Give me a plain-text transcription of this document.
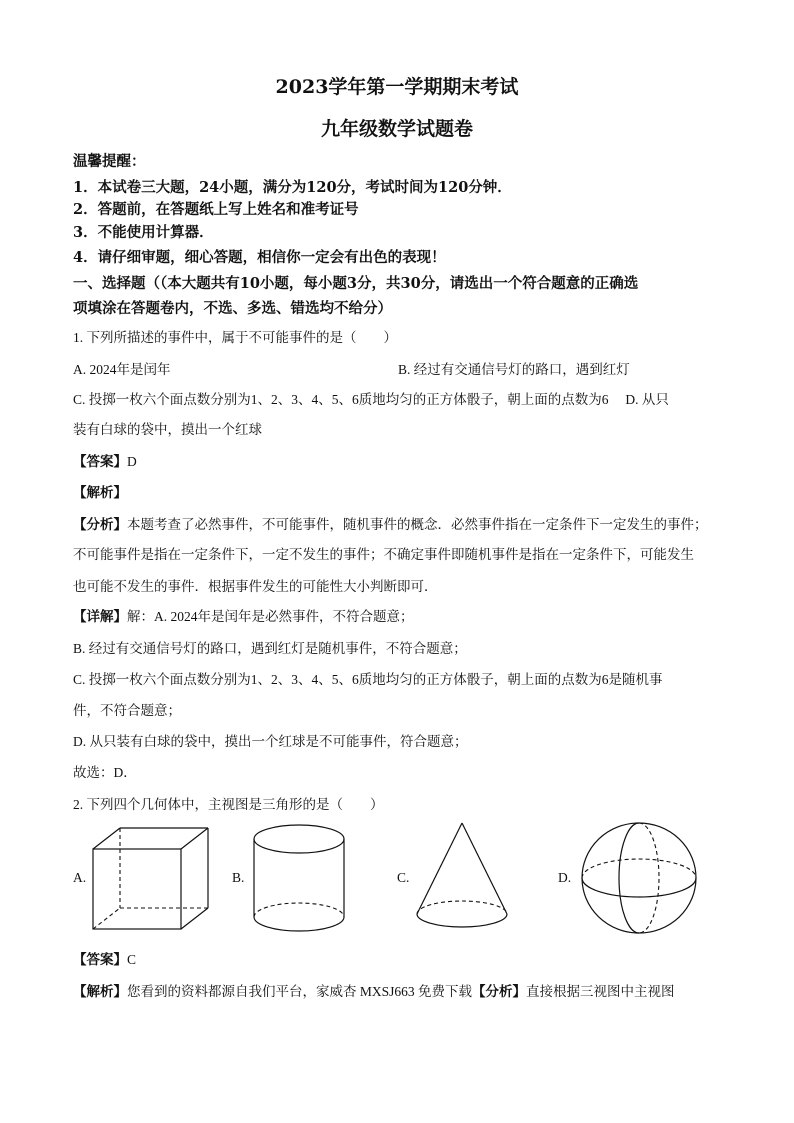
2023学年第一学期期末考试
九年级数学试题卷
温馨提醒：
1．本试卷三大题，24小题，满分为120分，考试时间为120分钟．
2．答题前，在答题纸上写上姓名和准考证号
3．不能使用计算器．
4．请仔细审题，细心答题，相信你一定会有出色的表现！
一、选择题（（本大题共有10小题，每小题3分，共30分，请选出一个符合题意的正确选
项填涂在答题卷内，不选、多选、错选均不给分）
1. 下列所描述的事件中，属于不可能事件的是（　　）
A. 2024年是闰年	B. 经过有交通信号灯的路口，遇到红灯
C. 投掷一枚六个面点数分别为1、2、3、4、5、6质地均匀的正方体骰子，朝上面的点数为6　 D. 从只
装有白球的袋中，摸出一个红球
【答案】D
【解析】
【分析】本题考查了必然事件，不可能事件，随机事件的概念．必然事件指在一定条件下一定发生的事件；
不可能事件是指在一定条件下，一定不发生的事件；不确定事件即随机事件是指在一定条件下，可能发生
也可能不发生的事件．根据事件发生的可能性大小判断即可．
【详解】解：A. 2024年是闰年是必然事件，不符合题意；
B. 经过有交通信号灯的路口，遇到红灯是随机事件，不符合题意；
C. 投掷一枚六个面点数分别为1、2、3、4、5、6质地均匀的正方体骰子，朝上面的点数为6是随机事
件，不符合题意；
D. 从只装有白球的袋中，摸出一个红球是不可能事件，符合题意；
故选：D．
2. 下列四个几何体中，主视图是三角形的是（　　）
A.	B.	C.	D.
【答案】C
【解析】您看到的资料都源自我们平台，家威杏 MXSJ663 免费下载【分析】直接根据三视图中主视图
